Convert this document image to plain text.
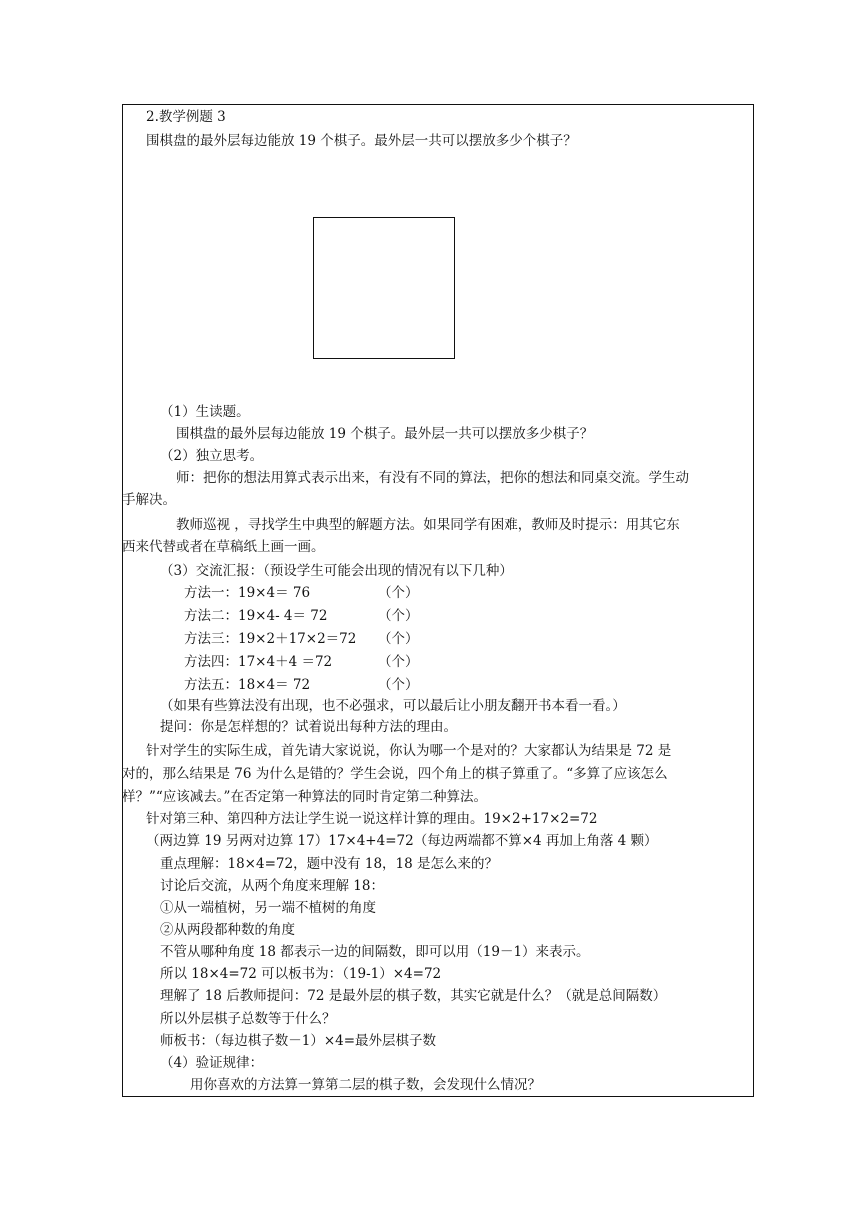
2.教学例题 3

围棋盘的最外层每边能放 19 个棋子。最外层一共可以摆放多少个棋子？

（1）生读题。

围棋盘的最外层每边能放 19 个棋子。最外层一共可以摆放多少棋子？

（2）独立思考。

师：把你的想法用算式表示出来，有没有不同的算法，把你的想法和同桌交流。学生动

手解决。

教师巡视 ，寻找学生中典型的解题方法。如果同学有困难，教师及时提示：用其它东

西来代替或者在草稿纸上画一画。

（3）交流汇报：（预设学生可能会出现的情况有以下几种）

方法一：19×4＝ 76	（个）
方法二：19×4- 4＝ 72	（个）
方法三：19×2＋17×2＝72 （个）
方法四：17×4＋4 ＝72	（个）
方法五：18×4＝ 72	（个）

（如果有些算法没有出现，也不必强求，可以最后让小朋友翻开书本看一看。）

提问：你是怎样想的？试着说出每种方法的理由。

针对学生的实际生成，首先请大家说说，你认为哪一个是对的？大家都认为结果是 72 是

对的，那么结果是 76 为什么是错的？学生会说，四个角上的棋子算重了。“多算了应该怎么

样？”“应该减去。”在否定第一种算法的同时肯定第二种算法。

针对第三种、第四种方法让学生说一说这样计算的理由。19×2+17×2=72

（两边算 19 另两对边算 17）17×4+4=72（每边两端都不算×4 再加上角落 4 颗）

重点理解：18×4=72，题中没有 18，18 是怎么来的？

讨论后交流，从两个角度来理解 18：

①从一端植树，另一端不植树的角度

②从两段都种数的角度

不管从哪种角度 18 都表示一边的间隔数，即可以用（19－1）来表示。

所以 18×4=72 可以板书为：（19-1）×4=72

理解了 18 后教师提问：72 是最外层的棋子数，其实它就是什么？（就是总间隔数）

所以外层棋子总数等于什么？

师板书：（每边棋子数－1）×4=最外层棋子数

（4）验证规律：

用你喜欢的方法算一算第二层的棋子数，会发现什么情况？
